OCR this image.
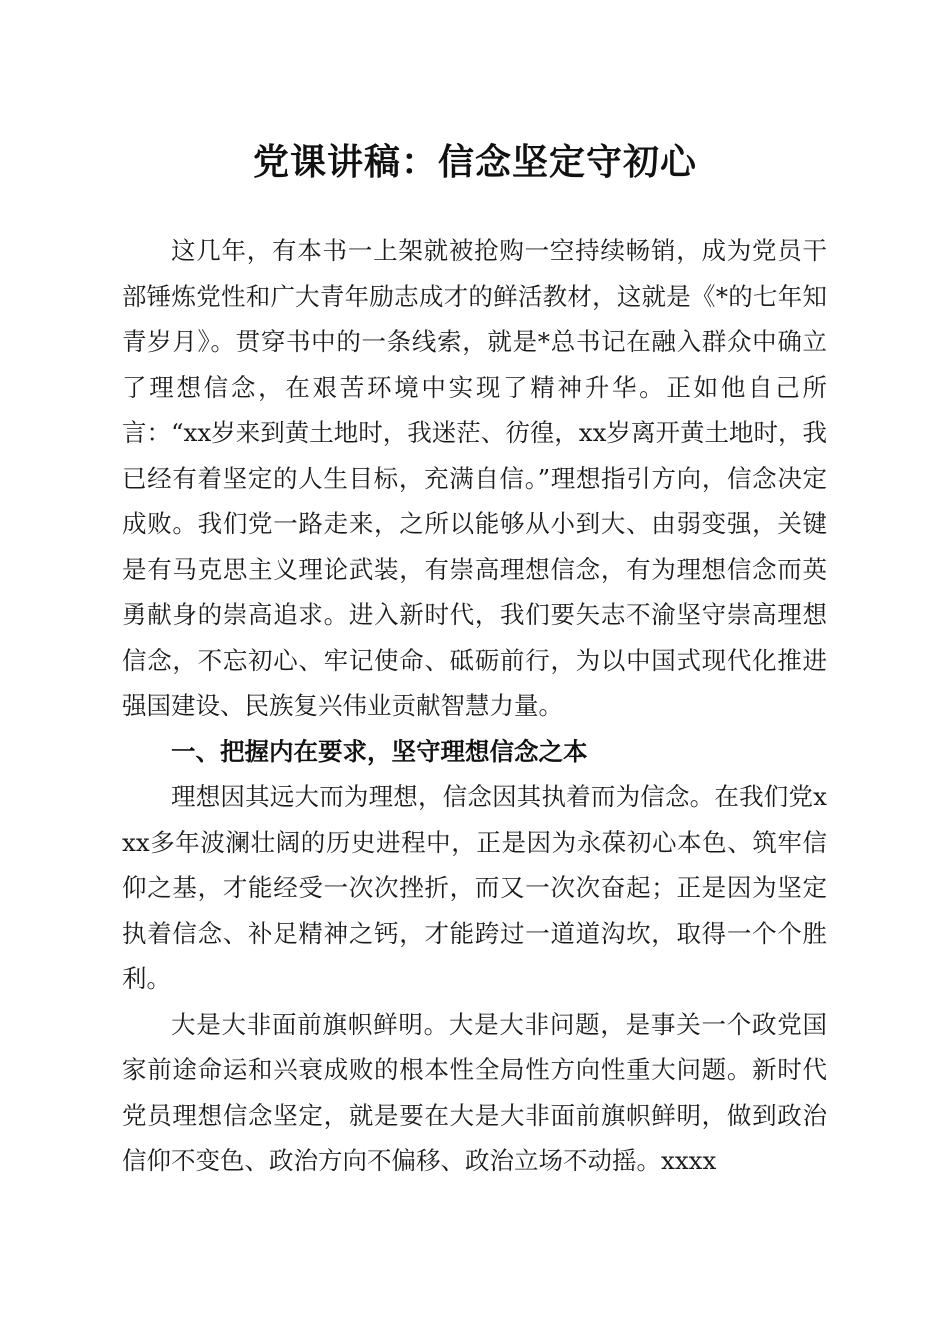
党课讲稿：信念坚定守初心

这几年，有本书一上架就被抢购一空持续畅销，成为党员干部锤炼党性和广大青年励志成才的鲜活教材，这就是《*的七年知青岁月》。贯穿书中的一条线索，就是*总书记在融入群众中确立了理想信念，在艰苦环境中实现了精神升华。正如他自己所言：“xx岁来到黄土地时，我迷茫、彷徨，xx岁离开黄土地时，我已经有着坚定的人生目标，充满自信。”理想指引方向，信念决定成败。我们党一路走来，之所以能够从小到大、由弱变强，关键是有马克思主义理论武装，有崇高理想信念，有为理想信念而英勇献身的崇高追求。进入新时代，我们要矢志不渝坚守崇高理想信念，不忘初心、牢记使命、砥砺前行，为以中国式现代化推进强国建设、民族复兴伟业贡献智慧力量。

一、把握内在要求，坚守理想信念之本

理想因其远大而为理想，信念因其执着而为信念。在我们党xxx多年波澜壮阔的历史进程中，正是因为永葆初心本色、筑牢信仰之基，才能经受一次次挫折，而又一次次奋起；正是因为坚定执着信念、补足精神之钙，才能跨过一道道沟坎，取得一个个胜利。

大是大非面前旗帜鲜明。大是大非问题，是事关一个政党国家前途命运和兴衰成败的根本性全局性方向性重大问题。新时代党员理想信念坚定，就是要在大是大非面前旗帜鲜明，做到政治信仰不变色、政治方向不偏移、政治立场不动摇。xxxx
